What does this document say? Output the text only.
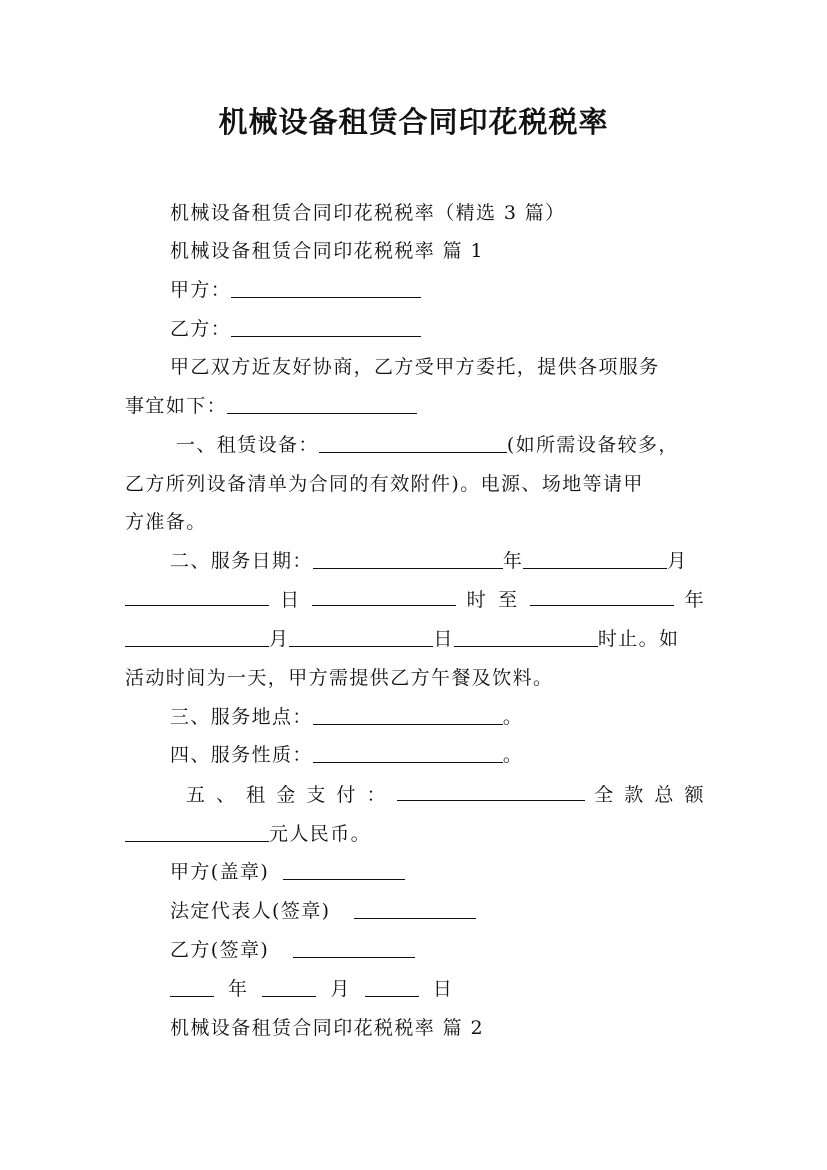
机械设备租赁合同印花税税率
机械设备租赁合同印花税税率（精选 3 篇）
机械设备租赁合同印花税税率 篇 1
甲方：
乙方：
甲乙双方近友好协商，乙方受甲方委托，提供各项服务
事宜如下：
一、租赁设备：	(如所需设备较多，
乙方所列设备清单为合同的有效附件)。电源、场地等请甲
方准备。
二、服务日期：	年	月
日	时 至	年
月	日	时止。如
活动时间为一天，甲方需提供乙方午餐及饮料。
三、服务地点：	。
四、服务性质：	。
五 、 租 金 支 付 ：	全 款 总 额
元人民币。
甲方(盖章)
法定代表人(签章)
乙方(签章)
年	月	日
机械设备租赁合同印花税税率 篇 2
